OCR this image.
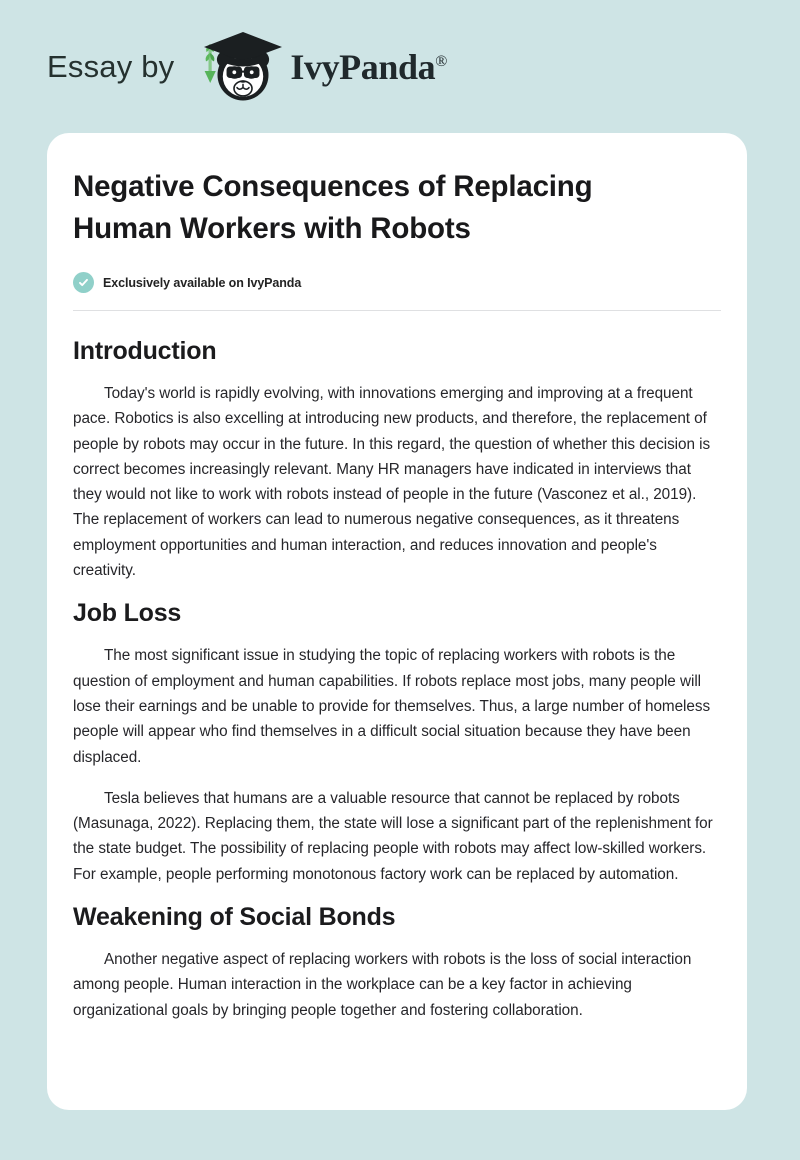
Essay by	IvyPanda®
Negative Consequences of Replacing Human Workers with Robots
Exclusively available on IvyPanda
Introduction

Today's world is rapidly evolving, with innovations emerging and improving at a frequent pace. Robotics is also excelling at introducing new products, and therefore, the replacement of people by robots may occur in the future. In this regard, the question of whether this decision is correct becomes increasingly relevant. Many HR managers have indicated in interviews that they would not like to work with robots instead of people in the future (Vasconez et al., 2019). The replacement of workers can lead to numerous negative consequences, as it threatens employment opportunities and human interaction, and reduces innovation and people's creativity.

Job Loss

The most significant issue in studying the topic of replacing workers with robots is the question of employment and human capabilities. If robots replace most jobs, many people will lose their earnings and be unable to provide for themselves. Thus, a large number of homeless people will appear who find themselves in a difficult social situation because they have been displaced.

Tesla believes that humans are a valuable resource that cannot be replaced by robots (Masunaga, 2022). Replacing them, the state will lose a significant part of the replenishment for the state budget. The possibility of replacing people with robots may affect low-skilled workers. For example, people performing monotonous factory work can be replaced by automation.

Weakening of Social Bonds

Another negative aspect of replacing workers with robots is the loss of social interaction among people. Human interaction in the workplace can be a key factor in achieving organizational goals by bringing people together and fostering collaboration.
